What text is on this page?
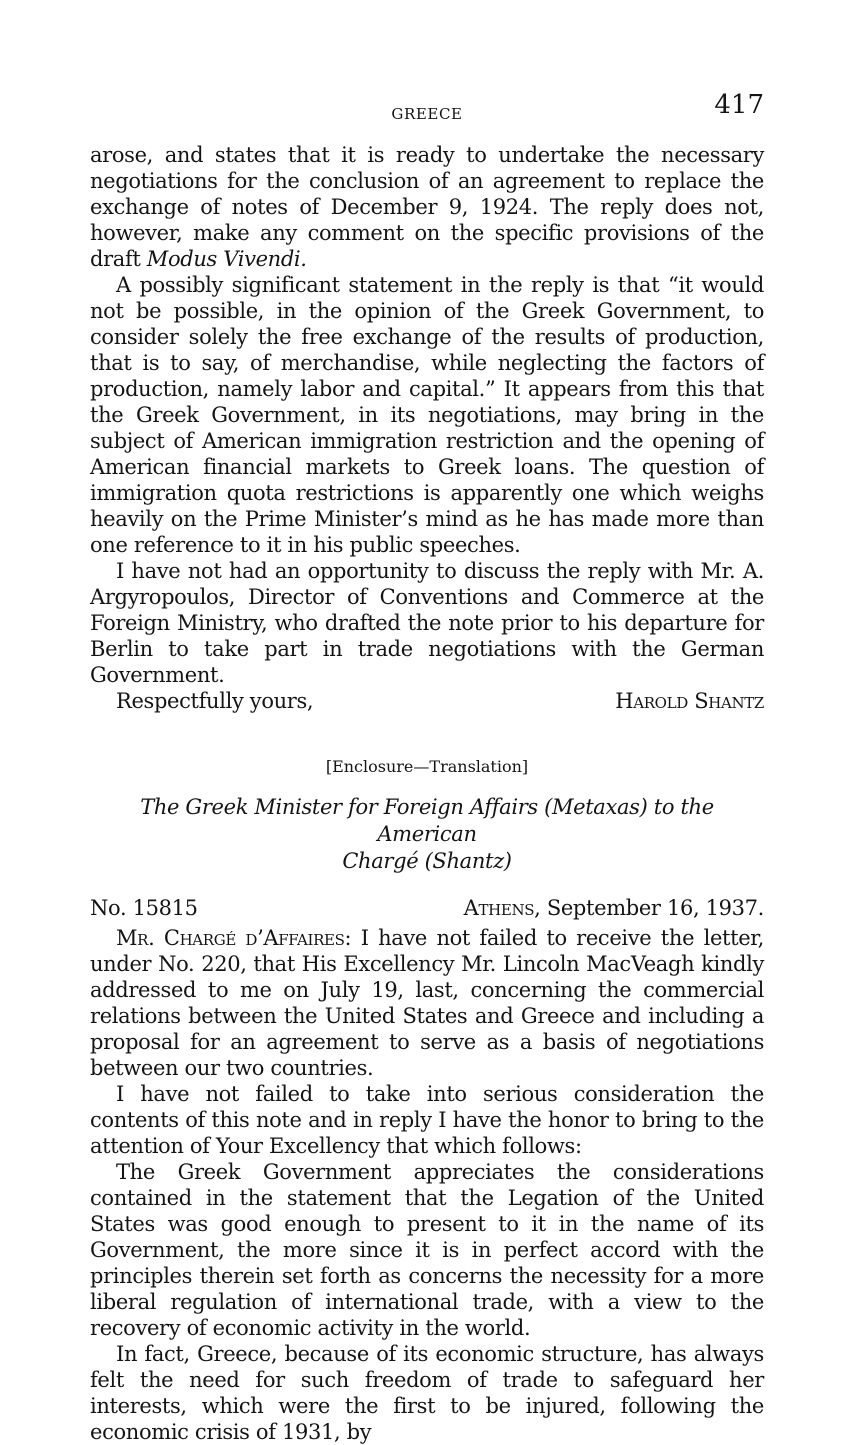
GREECE	417

arose, and states that it is ready to undertake the necessary negotiations for the conclusion of an agreement to replace the exchange of notes of December 9, 1924. The reply does not, however, make any comment on the specific provisions of the draft Modus Vivendi.

A possibly significant statement in the reply is that “it would not be possible, in the opinion of the Greek Government, to consider solely the free exchange of the results of production, that is to say, of merchandise, while neglecting the factors of production, namely labor and capital.” It appears from this that the Greek Government, in its negotiations, may bring in the subject of American immigration restriction and the opening of American financial markets to Greek loans. The question of immigration quota restrictions is apparently one which weighs heavily on the Prime Minister’s mind as he has made more than one reference to it in his public speeches.

I have not had an opportunity to discuss the reply with Mr. A. Argyropoulos, Director of Conventions and Commerce at the Foreign Ministry, who drafted the note prior to his departure for Berlin to take part in trade negotiations with the German Government.

Respectfully yours,	Harold Shantz
[Enclosure—Translation]
The Greek Minister for Foreign Affairs (Metaxas) to the American
Chargé (Shantz)
No. 15815	Athens, September 16, 1937.

Mr. Chargé d’Affaires: I have not failed to receive the letter, under No. 220, that His Excellency Mr. Lincoln MacVeagh kindly addressed to me on July 19, last, concerning the commercial relations between the United States and Greece and including a proposal for an agreement to serve as a basis of negotiations between our two countries.

I have not failed to take into serious consideration the contents of this note and in reply I have the honor to bring to the attention of Your Excellency that which follows:

The Greek Government appreciates the considerations contained in the statement that the Legation of the United States was good enough to present to it in the name of its Government, the more since it is in perfect accord with the principles therein set forth as concerns the necessity for a more liberal regulation of international trade, with a view to the recovery of economic activity in the world.

In fact, Greece, because of its economic structure, has always felt the need for such freedom of trade to safeguard her interests, which were the first to be injured, following the economic crisis of 1931, by
